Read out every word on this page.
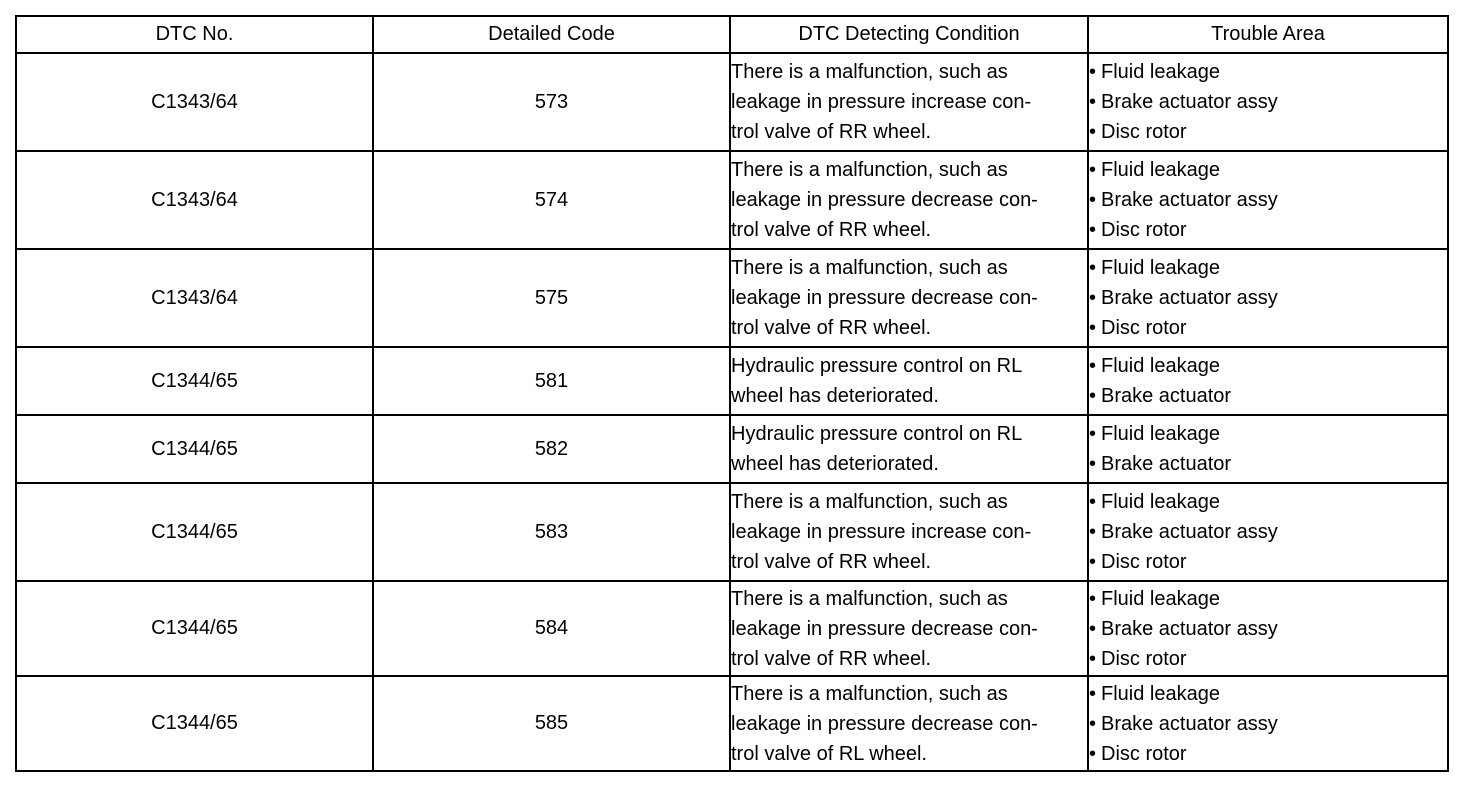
DTC No.	Detailed Code	DTC Detecting Condition	Trouble Area
C1343/64	573	There is a malfunction, such as
leakage in pressure increase con-
trol valve of RR wheel.	• Fluid leakage
• Brake actuator assy
• Disc rotor

C1343/64	574	There is a malfunction, such as
leakage in pressure decrease con-
trol valve of RR wheel.	• Fluid leakage
• Brake actuator assy
• Disc rotor

C1343/64	575	There is a malfunction, such as
leakage in pressure decrease con-
trol valve of RR wheel.	• Fluid leakage
• Brake actuator assy
• Disc rotor

C1344/65	581	Hydraulic pressure control on RL
wheel has deteriorated.	• Fluid leakage
• Brake actuator

C1344/65	582	Hydraulic pressure control on RL
wheel has deteriorated.	• Fluid leakage
• Brake actuator

C1344/65	583	There is a malfunction, such as
leakage in pressure increase con-
trol valve of RR wheel.	• Fluid leakage
• Brake actuator assy
• Disc rotor

C1344/65	584	There is a malfunction, such as
leakage in pressure decrease con-
trol valve of RR wheel.	• Fluid leakage
• Brake actuator assy
• Disc rotor

C1344/65	585	There is a malfunction, such as
leakage in pressure decrease con-
trol valve of RL wheel.	• Fluid leakage
• Brake actuator assy
• Disc rotor
